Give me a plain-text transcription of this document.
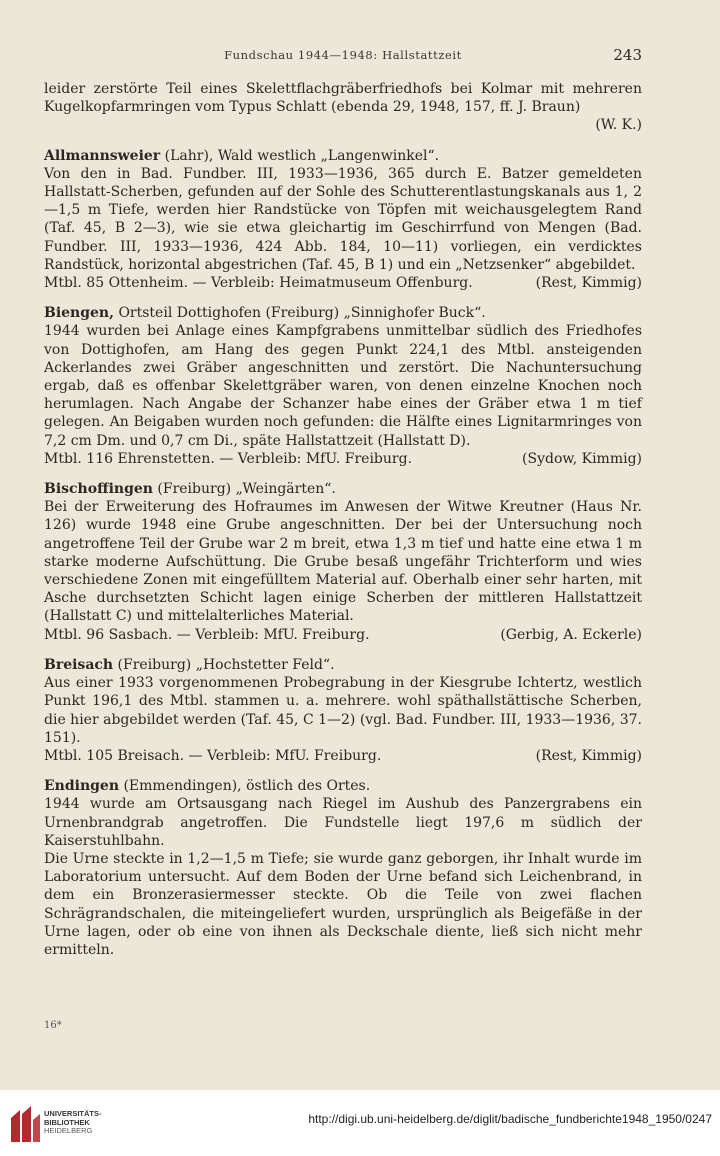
Fundschau 1944—1948: Hallstattzeit	243

leider zerstörte Teil eines Skelettflachgräberfriedhofs bei Kolmar mit mehreren Kugelkopfarmringen vom Typus Schlatt (ebenda 29, 1948, 157, ff. J. Braun)

(W. K.)

Allmannsweier (Lahr), Wald westlich „Langenwinkel“.

Von den in Bad. Fundber. III, 1933—1936, 365 durch E. Batzer gemeldeten Hallstatt-Scherben, gefunden auf der Sohle des Schutterentlastungskanals aus 1, 2—1,5 m Tiefe, werden hier Randstücke von Töpfen mit weichausgelegtem Rand (Taf. 45, B 2—3), wie sie etwa gleichartig im Geschirrfund von Mengen (Bad. Fundber. III, 1933—1936, 424 Abb. 184, 10—11) vorliegen, ein verdicktes Randstück, horizontal abgestrichen (Taf. 45, B 1) und ein „Netzsenker“ abgebildet.

Mtbl. 85 Ottenheim. — Verbleib: Heimatmuseum Offenburg.	(Rest, Kimmig)

Biengen, Ortsteil Dottighofen (Freiburg) „Sinnighofer Buck“.

1944 wurden bei Anlage eines Kampfgrabens unmittelbar südlich des Friedhofes von Dottighofen, am Hang des gegen Punkt 224,1 des Mtbl. ansteigenden Ackerlandes zwei Gräber angeschnitten und zerstört. Die Nachuntersuchung ergab, daß es offenbar Skelettgräber waren, von denen einzelne Knochen noch herumlagen. Nach Angabe der Schanzer habe eines der Gräber etwa 1 m tief gelegen. An Beigaben wurden noch gefunden: die Hälfte eines Lignitarmringes von 7,2 cm Dm. und 0,7 cm Di., späte Hallstattzeit (Hallstatt D).

Mtbl. 116 Ehrenstetten. — Verbleib: MfU. Freiburg.	(Sydow, Kimmig)

Bischoffingen (Freiburg) „Weingärten“.

Bei der Erweiterung des Hofraumes im Anwesen der Witwe Kreutner (Haus Nr. 126) wurde 1948 eine Grube angeschnitten. Der bei der Untersuchung noch angetroffene Teil der Grube war 2 m breit, etwa 1,3 m tief und hatte eine etwa 1 m starke moderne Aufschüttung. Die Grube besaß ungefähr Trichterform und wies verschiedene Zonen mit eingefülltem Material auf. Oberhalb einer sehr harten, mit Asche durchsetzten Schicht lagen einige Scherben der mittleren Hallstattzeit (Hallstatt C) und mittelalterliches Material.

Mtbl. 96 Sasbach. — Verbleib: MfU. Freiburg.	(Gerbig, A. Eckerle)

Breisach (Freiburg) „Hochstetter Feld“.

Aus einer 1933 vorgenommenen Probegrabung in der Kiesgrube Ichtertz, westlich Punkt 196,1 des Mtbl. stammen u. a. mehrere. wohl späthallstättische Scherben, die hier abgebildet werden (Taf. 45, C 1—2) (vgl. Bad. Fundber. III, 1933—1936, 37. 151).

Mtbl. 105 Breisach. — Verbleib: MfU. Freiburg.	(Rest, Kimmig)

Endingen (Emmendingen), östlich des Ortes.

1944 wurde am Ortsausgang nach Riegel im Aushub des Panzergrabens ein Urnenbrandgrab angetroffen. Die Fundstelle liegt 197,6 m südlich der Kaiserstuhlbahn.

Die Urne steckte in 1,2—1,5 m Tiefe; sie wurde ganz geborgen, ihr Inhalt wurde im Laboratorium untersucht. Auf dem Boden der Urne befand sich Leichenbrand, in dem ein Bronzerasiermesser steckte. Ob die Teile von zwei flachen Schrägrandschalen, die miteingeliefert wurden, ursprünglich als Beigefäße in der Urne lagen, oder ob eine von ihnen als Deckschale diente, ließ sich nicht mehr ermitteln.

16*
UNIVERSITÄTS-
BIBLIOTHEK
HEIDELBERG
http://digi.ub.uni-heidelberg.de/diglit/badische_fundberichte1948_1950/0247
